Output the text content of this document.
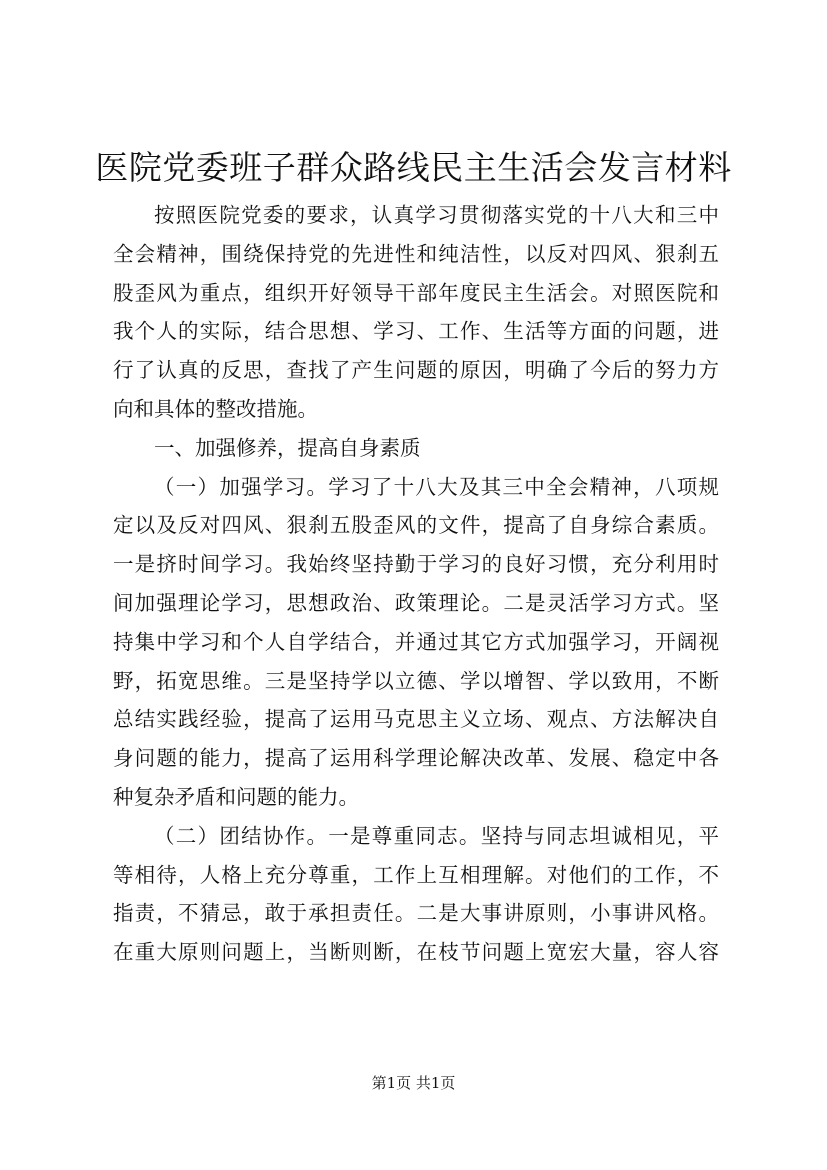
医院党委班子群众路线民主生活会发言材料
按照医院党委的要求，认真学习贯彻落实党的十八大和三中
全会精神，围绕保持党的先进性和纯洁性，以反对四风、狠刹五
股歪风为重点，组织开好领导干部年度民主生活会。对照医院和
我个人的实际，结合思想、学习、工作、生活等方面的问题，进
行了认真的反思，查找了产生问题的原因，明确了今后的努力方
向和具体的整改措施。
一、加强修养，提高自身素质
（一）加强学习。学习了十八大及其三中全会精神，八项规
定以及反对四风、狠刹五股歪风的文件，提高了自身综合素质。
一是挤时间学习。我始终坚持勤于学习的良好习惯，充分利用时
间加强理论学习，思想政治、政策理论。二是灵活学习方式。坚
持集中学习和个人自学结合，并通过其它方式加强学习，开阔视
野，拓宽思维。三是坚持学以立德、学以增智、学以致用，不断
总结实践经验，提高了运用马克思主义立场、观点、方法解决自
身问题的能力，提高了运用科学理论解决改革、发展、稳定中各
种复杂矛盾和问题的能力。
（二）团结协作。一是尊重同志。坚持与同志坦诚相见，平
等相待，人格上充分尊重，工作上互相理解。对他们的工作，不
指责，不猜忌，敢于承担责任。二是大事讲原则，小事讲风格。
在重大原则问题上，当断则断，在枝节问题上宽宏大量，容人容
第1页 共1页
